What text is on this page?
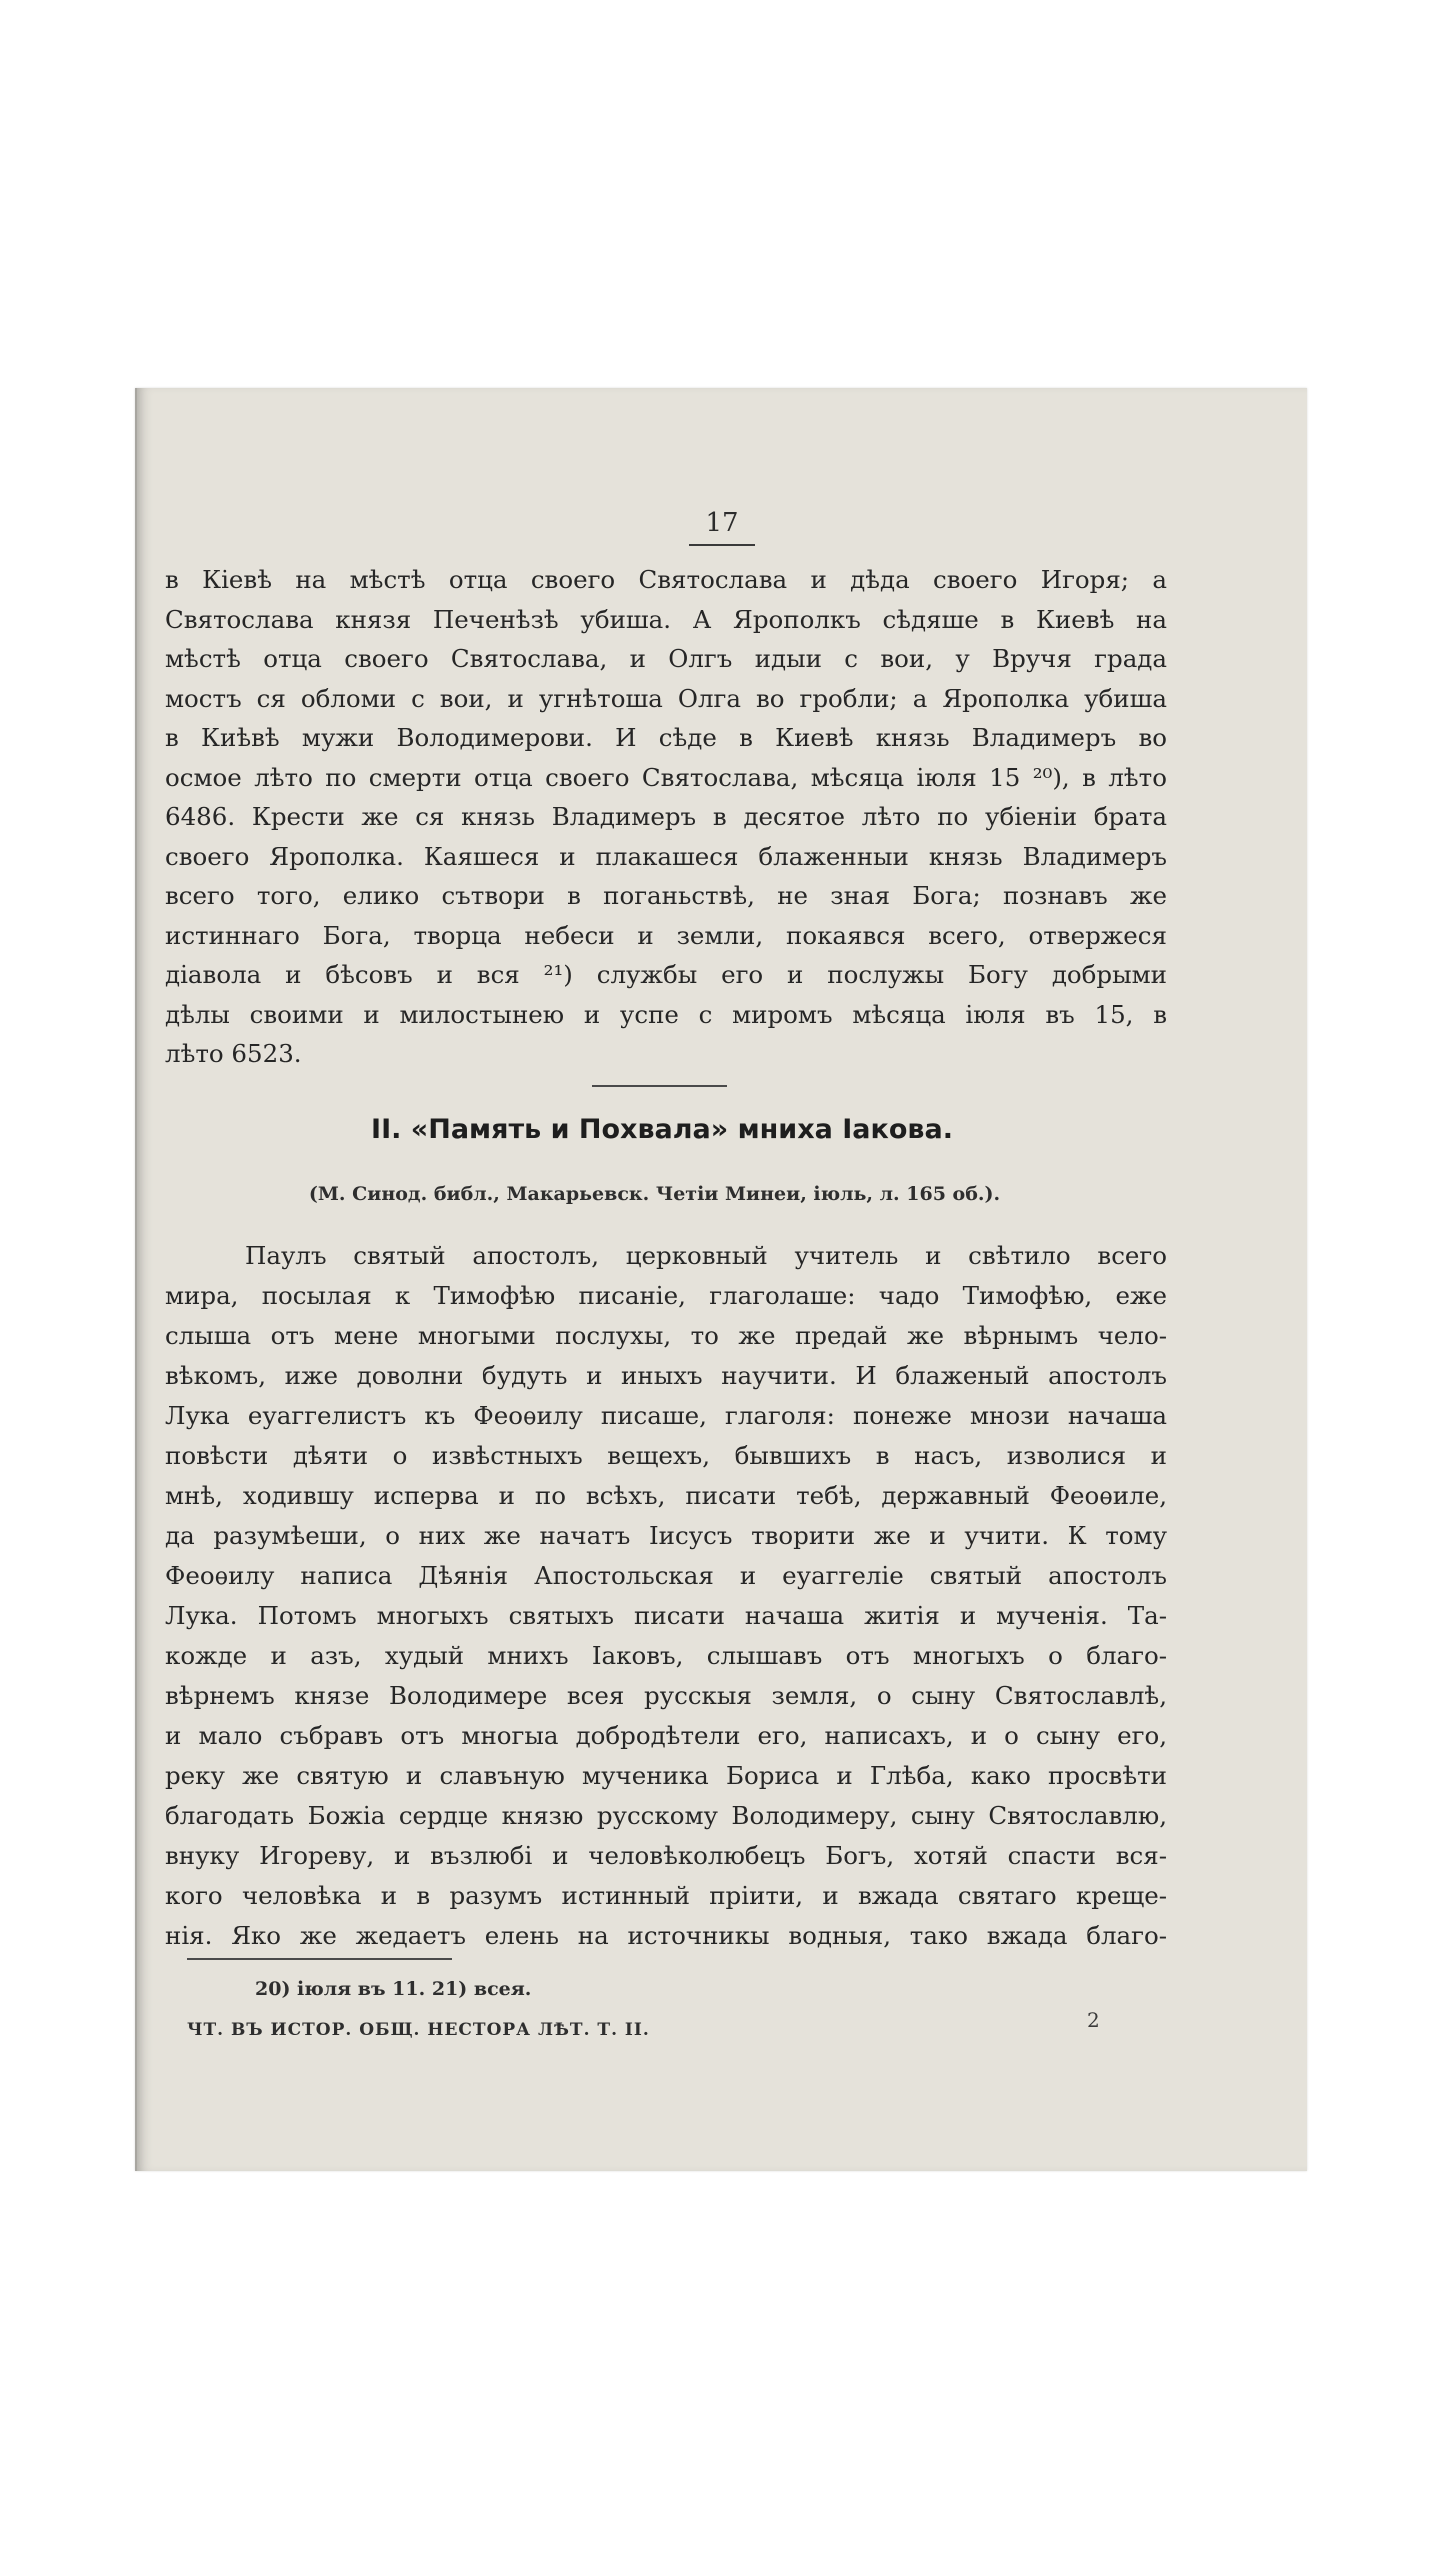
17
в Кіевѣ на мѣстѣ отца своего Святослава и дѣда своего Игоря; а
Святослава князя Печенѣзѣ убиша. А Ярополкъ сѣдяше в Киевѣ на
мѣстѣ отца своего Святослава, и Олгъ идыи с вои, у Вручя града
мостъ ся обломи с вои, и угнѣтоша Олга во гробли; а Ярополка убиша
в Киѣвѣ мужи Володимерови. И сѣде в Киевѣ князь Владимеръ во
осмое лѣто по смерти отца своего Святослава, мѣсяца іюля 15 ²⁰), в лѣто
6486. Крести же ся князь Владимеръ в десятое лѣто по убіеніи брата
своего Ярополка. Каяшеся и плакашеся блаженныи князь Владимеръ
всего того, елико сътвори в поганьствѣ, не зная Бога; познавъ же
истиннаго Бога, творца небеси и земли, покаявся всего, отвержеся
діавола и бѣсовъ и вся ²¹) службы его и послужы Богу добрыми
дѣлы своими и милостынею и успе с миромъ мѣсяца іюля въ 15, в
лѣто 6523.
II. «Память и Похвала» мниха Іакова.
(М. Синод. библ., Макарьевск. Четіи Минеи, іюль, л. 165 об.).
Паулъ святый апостолъ, церковный учитель и свѣтило всего
мира, посылая к Тимофѣю писаніе, глаголаше: чадо Тимофѣю, еже
слыша отъ мене многыми послухы, то же предай же вѣрнымъ чело-
вѣкомъ, иже доволни будуть и иныхъ научити. И блаженый апостолъ
Лука еуаггелистъ къ Феоѳилу писаше, глаголя: понеже мнози начаша
повѣсти дѣяти о извѣстныхъ вещехъ, бывшихъ в насъ, изволися и
мнѣ, ходившу исперва и по всѣхъ, писати тебѣ, державный Феоѳиле,
да разумѣеши, о них же начатъ Іисусъ творити же и учити. К тому
Феоѳилу написа Дѣянія Апостольская и еуаггеліе святый апостолъ
Лука. Потомъ многыхъ святыхъ писати начаша житія и мученія. Та-
кожде и азъ, худый мнихъ Іаковъ, слышавъ отъ многыхъ о благо-
вѣрнемъ князе Володимере всея русскыя земля, о сыну Святославлѣ,
и мало събравъ отъ многыа добродѣтели его, написахъ, и о сыну его,
реку же святую и славъную мученика Бориса и Глѣба, како просвѣти
благодать Божіа сердце князю русскому Володимеру, сыну Святославлю,
внуку Игореву, и възлюбі и человѣколюбецъ Богъ, хотяй спасти вся-
кого человѣка и в разумъ истинный пріити, и вжада святаго креще-
нія. Яко же жедаетъ елень на источникы водныя, тако вжада благо-
20) іюля въ 11. 21) всея.
ЧТ. ВЪ ИСТОР. ОБЩ. НЕСТОРА ЛѢТ. Т. II.	2
